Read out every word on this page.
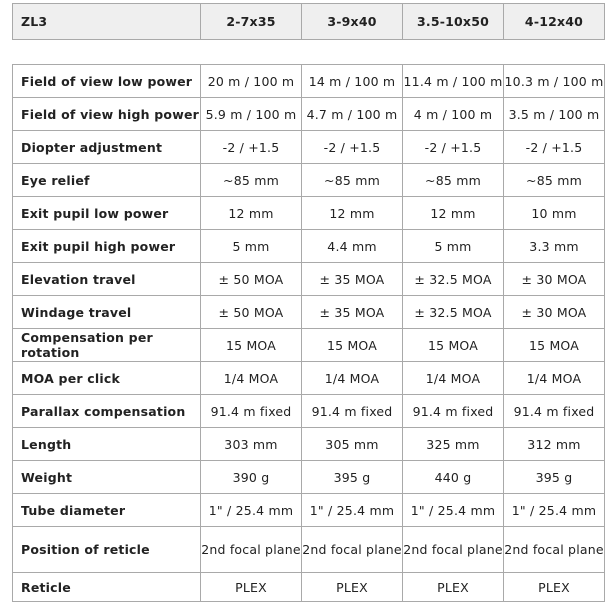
ZL3	2-7x35	3-9x40	3.5-10x50	4-12x40
Field of view low power	20 m / 100 m	14 m / 100 m	11.4 m / 100 m	10.3 m / 100 m
Field of view high power	5.9 m / 100 m	4.7 m / 100 m	4 m / 100 m	3.5 m / 100 m
Diopter adjustment	-2 / +1.5	-2 / +1.5	-2 / +1.5	-2 / +1.5
Eye relief	~85 mm	~85 mm	~85 mm	~85 mm
Exit pupil low power	12 mm	12 mm	12 mm	10 mm
Exit pupil high power	5 mm	4.4 mm	5 mm	3.3 mm
Elevation travel	± 50 MOA	± 35 MOA	± 32.5 MOA	± 30 MOA
Windage travel	± 50 MOA	± 35 MOA	± 32.5 MOA	± 30 MOA
Compensation per rotation	15 MOA	15 MOA	15 MOA	15 MOA
MOA per click	1/4 MOA	1/4 MOA	1/4 MOA	1/4 MOA
Parallax compensation	91.4 m fixed	91.4 m fixed	91.4 m fixed	91.4 m fixed
Length	303 mm	305 mm	325 mm	312 mm
Weight	390 g	395 g	440 g	395 g
Tube diameter	1" / 25.4 mm	1" / 25.4 mm	1" / 25.4 mm	1" / 25.4 mm
Position of reticle	2nd focal plane	2nd focal plane	2nd focal plane	2nd focal plane
Reticle	PLEX	PLEX	PLEX	PLEX
